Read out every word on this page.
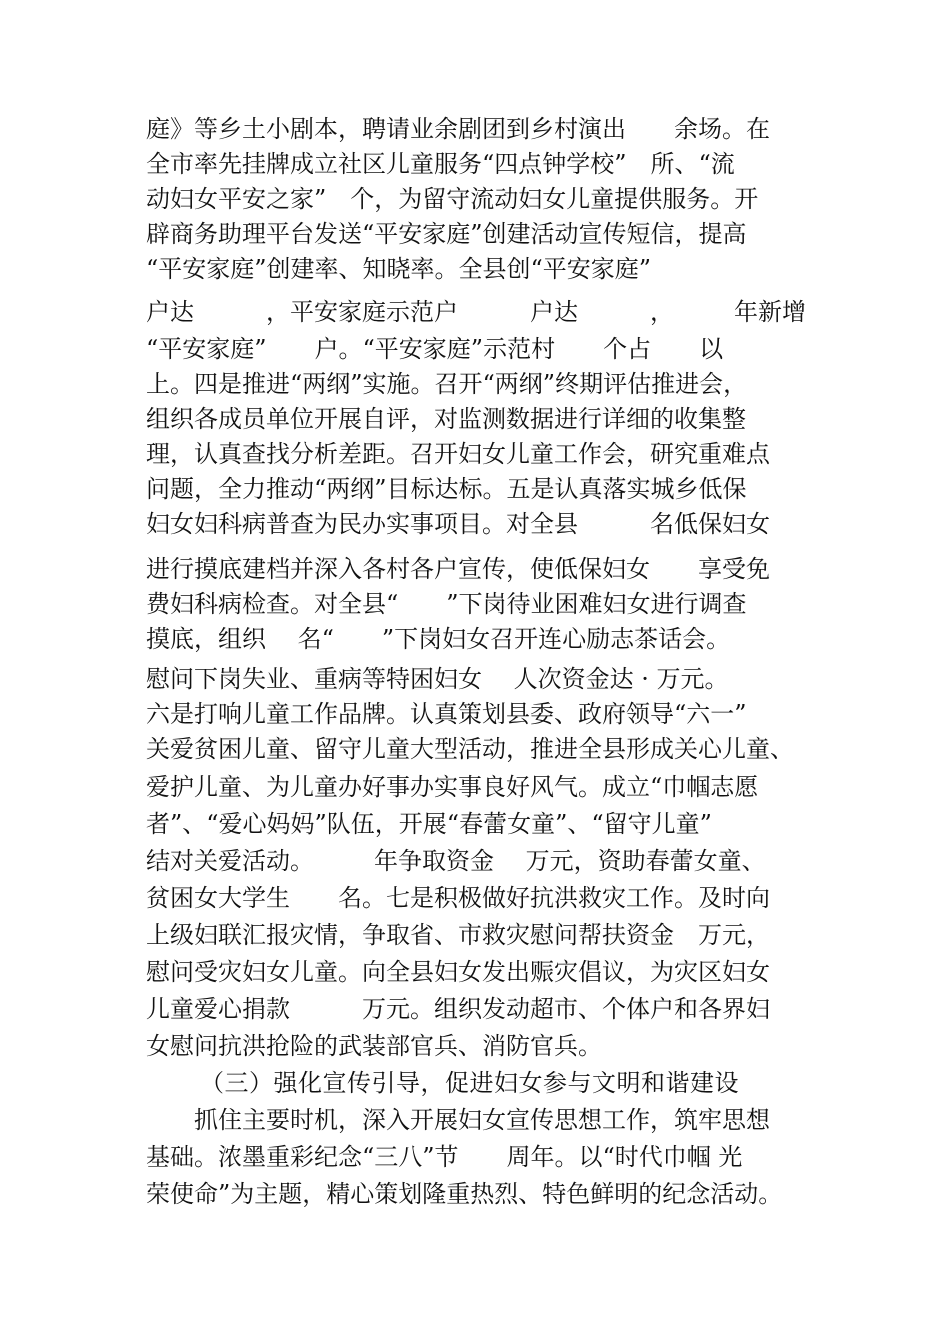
庭》等乡土小剧本，聘请业余剧团到乡村演出　　余场。在
全市率先挂牌成立社区儿童服务“四点钟学校”　所、“流
动妇女平安之家”　个，为留守流动妇女儿童提供服务。开
辟商务助理平台发送“平安家庭”创建活动宣传短信，提高
“平安家庭”创建率、知晓率。全县创“平安家庭”
户达　　　，平安家庭示范户　　　户达　　　，　　　年新增
“平安家庭”　　户。“平安家庭”示范村　　个占　　以
上。四是推进“两纲”实施。召开“两纲”终期评估推进会，
组织各成员单位开展自评，对监测数据进行详细的收集整
理，认真查找分析差距。召开妇女儿童工作会，研究重难点
问题，全力推动“两纲”目标达标。五是认真落实城乡低保
妇女妇科病普查为民办实事项目。对全县　　　名低保妇女
进行摸底建档并深入各村各户宣传，使低保妇女　　享受免
费妇科病检查。对全县“　　”下岗待业困难妇女进行调查
摸底，组织　 名“　　”下岗妇女召开连心励志茶话会。
慰问下岗失业、重病等特困妇女　 人次资金达 · 万元。
六是打响儿童工作品牌。认真策划县委、政府领导“六一”
关爱贫困儿童、留守儿童大型活动，推进全县形成关心儿童、
爱护儿童、为儿童办好事办实事良好风气。成立“巾帼志愿
者”、“爱心妈妈”队伍，开展“春蕾女童”、“留守儿童”
结对关爱活动。　　　年争取资金　 万元，资助春蕾女童、
贫困女大学生　　名。七是积极做好抗洪救灾工作。及时向
上级妇联汇报灾情，争取省、市救灾慰问帮扶资金　万元，
慰问受灾妇女儿童。向全县妇女发出赈灾倡议，为灾区妇女
儿童爱心捐款　　　万元。组织发动超市、个体户和各界妇
女慰问抗洪抢险的武装部官兵、消防官兵。
（三）强化宣传引导，促进妇女参与文明和谐建设
抓住主要时机，深入开展妇女宣传思想工作，筑牢思想
基础。浓墨重彩纪念“三八”节　　周年。以“时代巾帼 光
荣使命”为主题，精心策划隆重热烈、特色鲜明的纪念活动。
